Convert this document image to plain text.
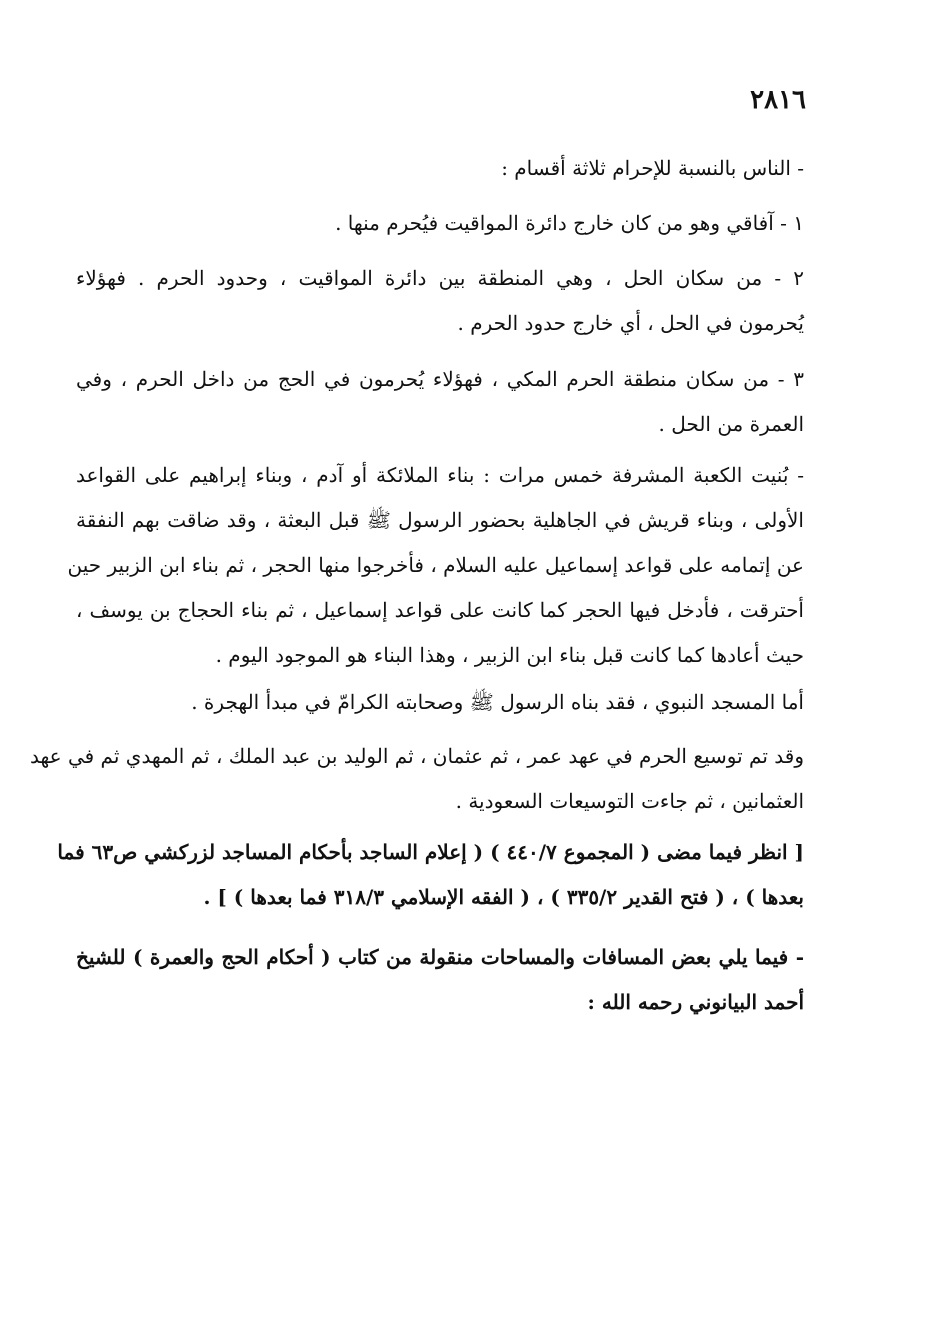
٢٨١٦
- الناس بالنسبة للإحرام ثلاثة أقسام :
١ - آفاقي وهو من كان خارج دائرة المواقيت فيُحرم منها .
٢ - من سكان الحل ، وهي المنطقة بين دائرة المواقيت ، وحدود الحرم . فهؤلاء
يُحرمون في الحل ، أي خارج حدود الحرم .
٣ - من سكان منطقة الحرم المكي ، فهؤلاء يُحرمون في الحج من داخل الحرم ، وفي
العمرة من الحل .
- بُنيت الكعبة المشرفة خمس مرات : بناء الملائكة أو آدم ، وبناء إبراهيم على القواعد
الأولى ، وبناء قريش في الجاهلية بحضور الرسول ﷺ قبل البعثة ، وقد ضاقت بهم النفقة
عن إتمامه على قواعد إسماعيل عليه السلام ، فأخرجوا منها الحجر ، ثم بناء ابن الزبير حين
أحترقت ، فأدخل فيها الحجر كما كانت على قواعد إسماعيل ، ثم بناء الحجاج بن يوسف ،
حيث أعادها كما كانت قبل بناء ابن الزبير ، وهذا البناء هو الموجود اليوم .
أما المسجد النبوي ، فقد بناه الرسول ﷺ وصحابته الكرامّ في مبدأ الهجرة .
وقد تم توسيع الحرم في عهد عمر ، ثم عثمان ، ثم الوليد بن عبد الملك ، ثم المهدي ثم في عهد
العثمانين ، ثم جاءت التوسيعات السعودية .
[ انظر فيما مضى ( المجموع ٤٤٠/٧ ) ( إعلام الساجد بأحكام المساجد لزركشي ص٦٣ فما
بعدها ) ، ( فتح القدير ٣٣٥/٢ ) ، ( الفقه الإسلامي ٣١٨/٣ فما بعدها ) ] .
- فيما يلي بعض المسافات والمساحات منقولة من كتاب ( أحكام الحج والعمرة ) للشيخ
أحمد البيانوني رحمه الله :
